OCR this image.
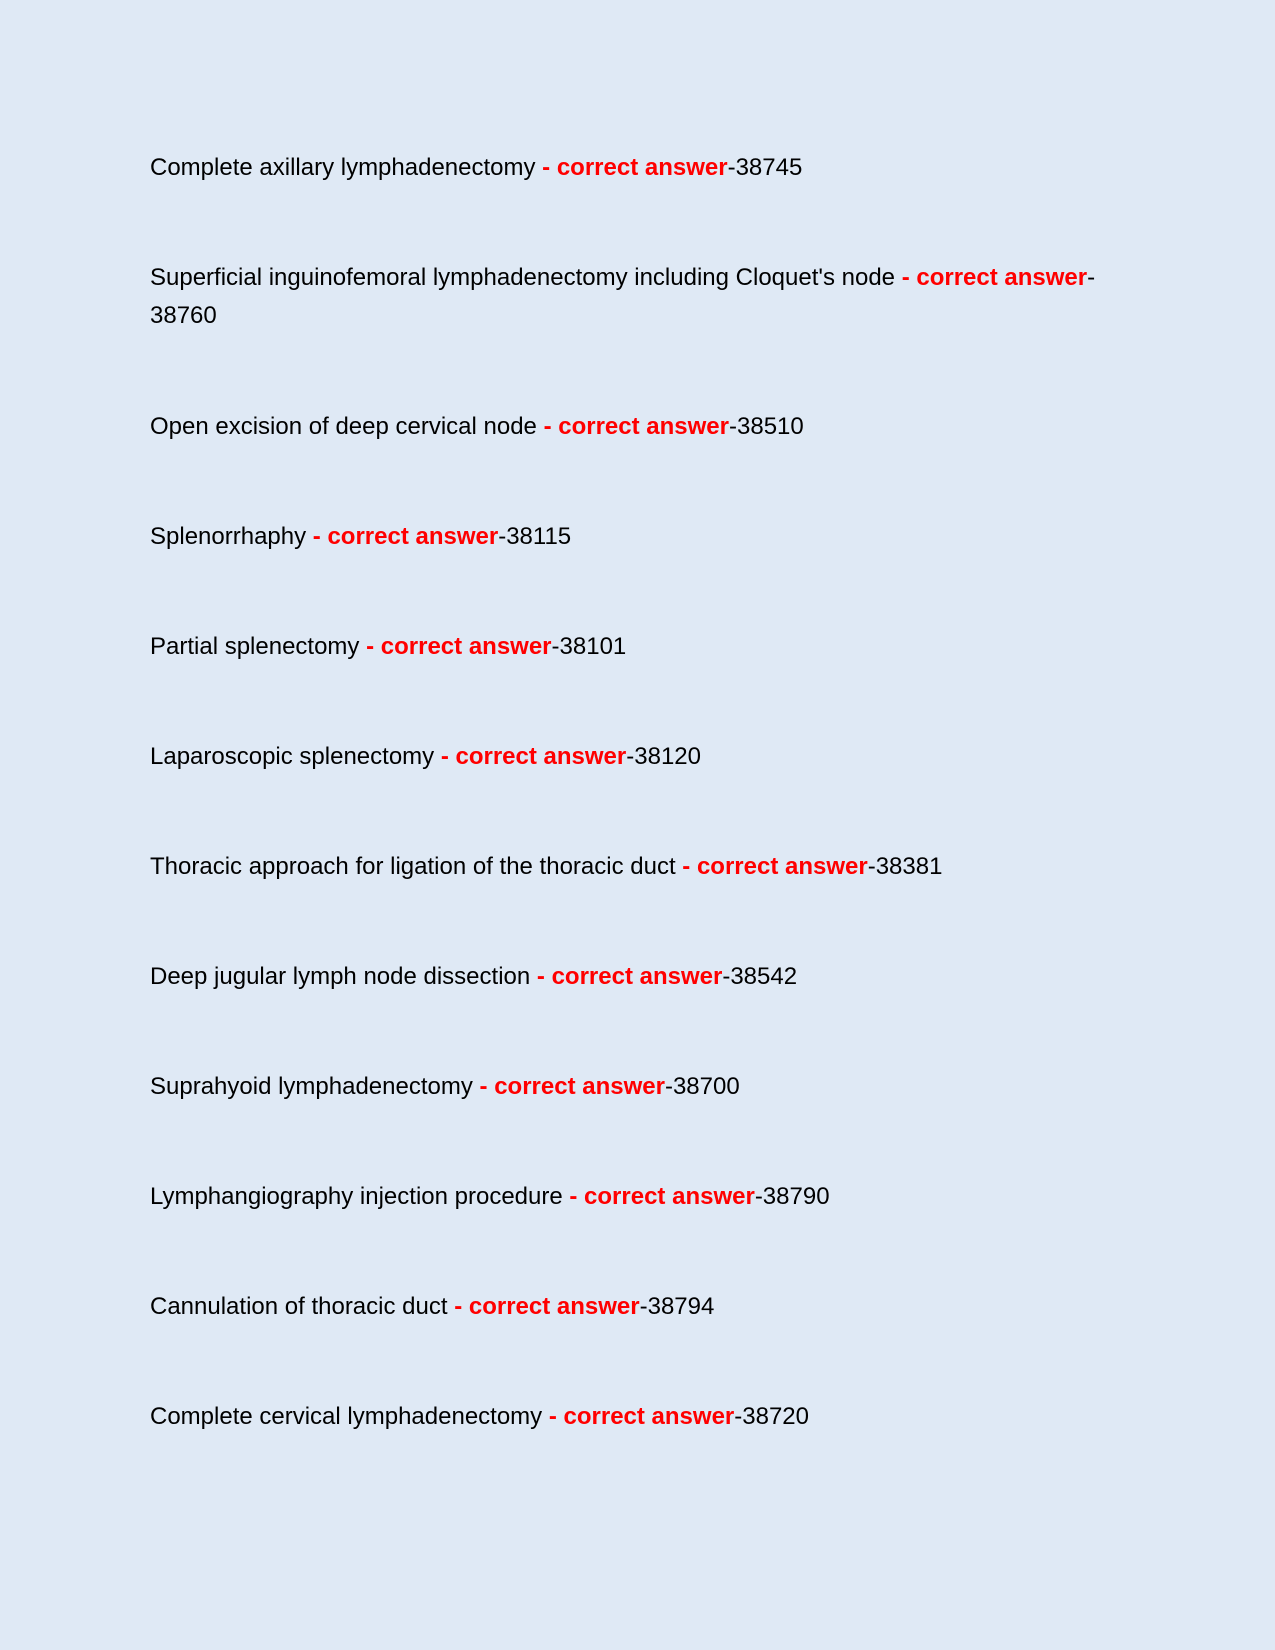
Complete axillary lymphadenectomy - correct answer-38745

Superficial inguinofemoral lymphadenectomy including Cloquet's node - correct answer-38760

Open excision of deep cervical node - correct answer-38510

Splenorrhaphy - correct answer-38115

Partial splenectomy - correct answer-38101

Laparoscopic splenectomy - correct answer-38120

Thoracic approach for ligation of the thoracic duct - correct answer-38381

Deep jugular lymph node dissection - correct answer-38542

Suprahyoid lymphadenectomy - correct answer-38700

Lymphangiography injection procedure - correct answer-38790

Cannulation of thoracic duct - correct answer-38794

Complete cervical lymphadenectomy - correct answer-38720
